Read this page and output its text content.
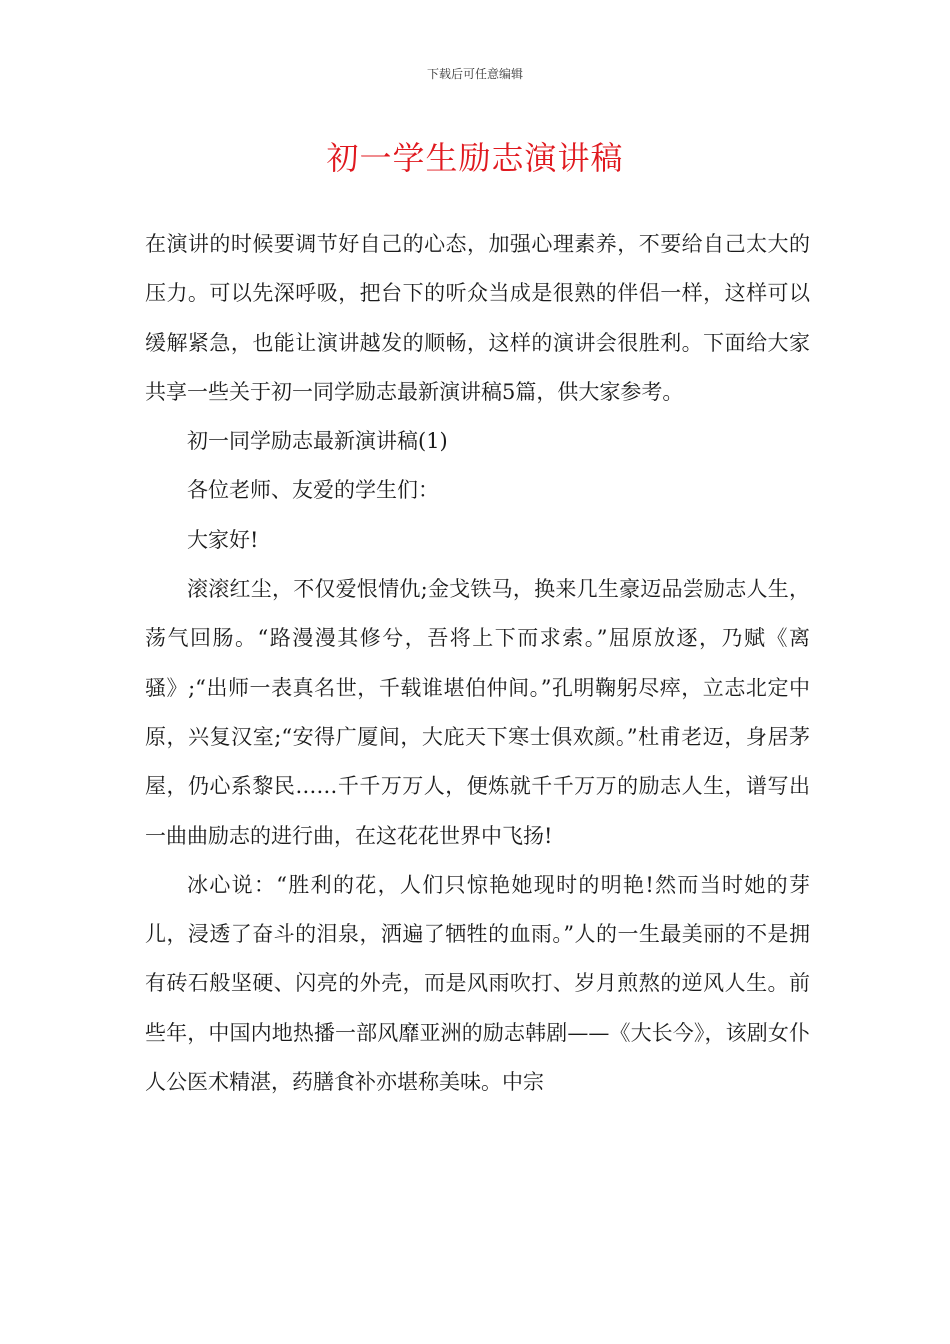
下载后可任意编辑
初一学生励志演讲稿

在演讲的时候要调节好自己的心态，加强心理素养，不要给自己太大的压力。可以先深呼吸，把台下的听众当成是很熟的伴侣一样，这样可以缓解紧急，也能让演讲越发的顺畅，这样的演讲会很胜利。下面给大家共享一些关于初一同学励志最新演讲稿5篇，供大家参考。

初一同学励志最新演讲稿(1)

各位老师、友爱的学生们：

大家好!

滚滚红尘，不仅爱恨情仇;金戈铁马，换来几生豪迈品尝励志人生，荡气回肠。“路漫漫其修兮，吾将上下而求索。”屈原放逐，乃赋《离骚》;“出师一表真名世，千载谁堪伯仲间。”孔明鞠躬尽瘁，立志北定中原，兴复汉室;“安得广厦间，大庇天下寒士俱欢颜。”杜甫老迈，身居茅屋，仍心系黎民……千千万万人，便炼就千千万万的励志人生，谱写出一曲曲励志的进行曲，在这花花世界中飞扬!

冰心说：“胜利的花，人们只惊艳她现时的明艳!然而当时她的芽儿，浸透了奋斗的泪泉，洒遍了牺牲的血雨。”人的一生最美丽的不是拥有砖石般坚硬、闪亮的外壳，而是风雨吹打、岁月煎熬的逆风人生。前些年，中国内地热播一部风靡亚洲的励志韩剧——《大长今》，该剧女仆人公医术精湛，药膳食补亦堪称美味。中宗
